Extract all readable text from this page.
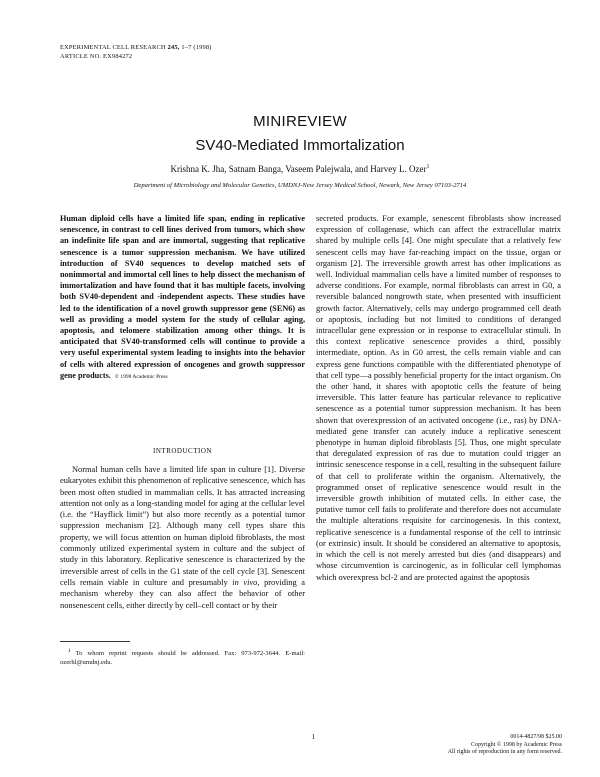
EXPERIMENTAL CELL RESEARCH 245, 1–7 (1998)
ARTICLE NO. EX984272
MINIREVIEW
SV40-Mediated Immortalization
Krishna K. Jha, Satnam Banga, Vaseem Palejwala, and Harvey L. Ozer$^1$
Department of Microbiology and Molecular Genetics, UMDNJ-New Jersey Medical School, Newark, New Jersey 07103-2714
Human diploid cells have a limited life span, ending in replicative senescence, in contrast to cell lines derived from tumors, which show an indefinite life span and are immortal, suggesting that replicative senescence is a tumor suppression mechanism. We have utilized introduction of SV40 sequences to develop matched sets of nonimmortal and immortal cell lines to help dissect the mechanism of immortalization and have found that it has multiple facets, involving both SV40-dependent and -independent aspects. These studies have led to the identification of a novel growth suppressor gene (SEN6) as well as providing a model system for the study of cellular aging, apoptosis, and telomere stabilization among other things. It is anticipated that SV40-transformed cells will continue to provide a very useful experimental system leading to insights into the behavior of cells with altered expression of oncogenes and growth suppressor gene products. © 1998 Academic Press
INTRODUCTION

Normal human cells have a limited life span in culture [1]. Diverse eukaryotes exhibit this phenomenon of replicative senescence, which has been most often studied in mammalian cells. It has attracted increasing attention not only as a long-standing model for aging at the cellular level (i.e. the “Hayflick limit”) but also more recently as a potential tumor suppression mechanism [2]. Although many cell types share this property, we will focus attention on human diploid fibroblasts, the most commonly utilized experimental system in culture and the subject of study in this laboratory. Replicative senescence is characterized by the irreversible arrest of cells in the G1 state of the cell cycle [3]. Senescent cells remain viable in culture and presumably in vivo, providing a mechanism whereby they can also affect the behavior of other nonsenescent cells, either directly by cell–cell contact or by their

$^1$ To whom reprint requests should be addressed. Fax: 973-972-3644. E-mail: ozerhl@umdnj.edu.

secreted products. For example, senescent fibroblasts show increased expression of collagenase, which can affect the extracellular matrix shared by multiple cells [4]. One might speculate that a relatively few senescent cells may have far-reaching impact on the tissue, organ or organism [2]. The irreversible growth arrest has other implications as well. Individual mammalian cells have a limited number of responses to adverse conditions. For example, normal fibroblasts can arrest in G0, a reversible balanced nongrowth state, when presented with insufficient growth factor. Alternatively, cells may undergo programmed cell death or apoptosis, including but not limited to conditions of deranged intracellular gene expression or in response to extracellular stimuli. In this context replicative senescence provides a third, possibly intermediate, option. As in G0 arrest, the cells remain viable and can express gene functions compatible with the differentiated phenotype of that cell type—a possibly beneficial property for the intact organism. On the other hand, it shares with apoptotic cells the feature of being irreversible. This latter feature has particular relevance to replicative senescence as a potential tumor suppression mechanism. It has been shown that overexpression of an activated oncogene (i.e., ras) by DNA-mediated gene transfer can acutely induce a replicative senescent phenotype in human diploid fibroblasts [5]. Thus, one might speculate that deregulated expression of ras due to mutation could trigger an intrinsic senescence response in a cell, resulting in the subsequent failure of that cell to proliferate within the organism. Alternatively, the programmed onset of replicative senescence would result in the irreversible growth inhibition of mutated cells. In either case, the putative tumor cell fails to proliferate and therefore does not accumulate the multiple alterations requisite for carcinogenesis. In this context, replicative senescence is a fundamental response of the cell to intrinsic (or extrinsic) insult. It should be considered an alternative to apoptosis, in which the cell is not merely arrested but dies (and disappears) and whose circumvention is carcinogenic, as in follicular cell lymphomas which overexpress bcl-2 and are protected against the apoptosis

1	0014-4827/98 $25.00
Copyright © 1998 by Academic Press
All rights of reproduction in any form reserved.
